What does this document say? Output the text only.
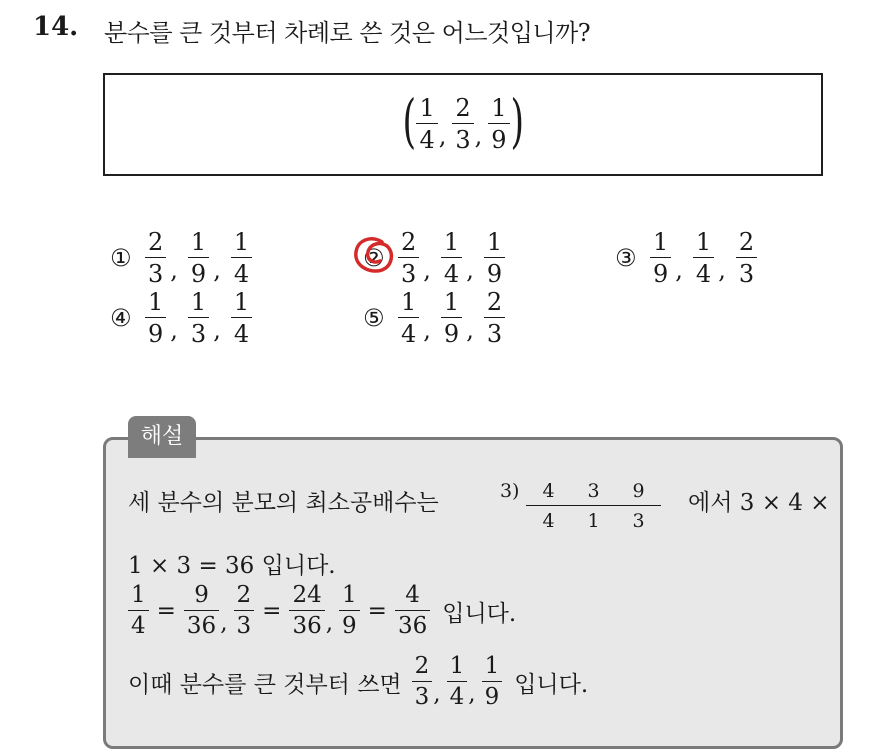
14. 분수를 큰 것부터 차례로 쓴 것은 어느것입니까?
( $\frac{1}{4}$ , $\frac{2}{3}$ , $\frac{1}{9}$ )
① $\frac{2}{3}$ , $\frac{1}{9}$ , $\frac{1}{4}$	② $\frac{2}{3}$ , $\frac{1}{4}$ , $\frac{1}{9}$	③ $\frac{1}{9}$ , $\frac{1}{4}$ , $\frac{2}{3}$
④ $\frac{1}{9}$ , $\frac{1}{3}$ , $\frac{1}{4}$	⑤ $\frac{1}{4}$ , $\frac{1}{9}$ , $\frac{2}{3}$
해설
세 분수의 분모의 최소공배수는	3 )	4	3	9
4	1	3
에서 3 × 4 ×
1 × 3 = 36 입니다.
$\frac{1}{4} = \frac{9}{36}$ , $\frac{2}{3} = \frac{24}{36}$ , $\frac{1}{9} = \frac{4}{36}$ 입니다.
이때 분수를 큰 것부터 쓰면 $\frac{2}{3}$ , $\frac{1}{4}$ , $\frac{1}{9}$ 입니다.
